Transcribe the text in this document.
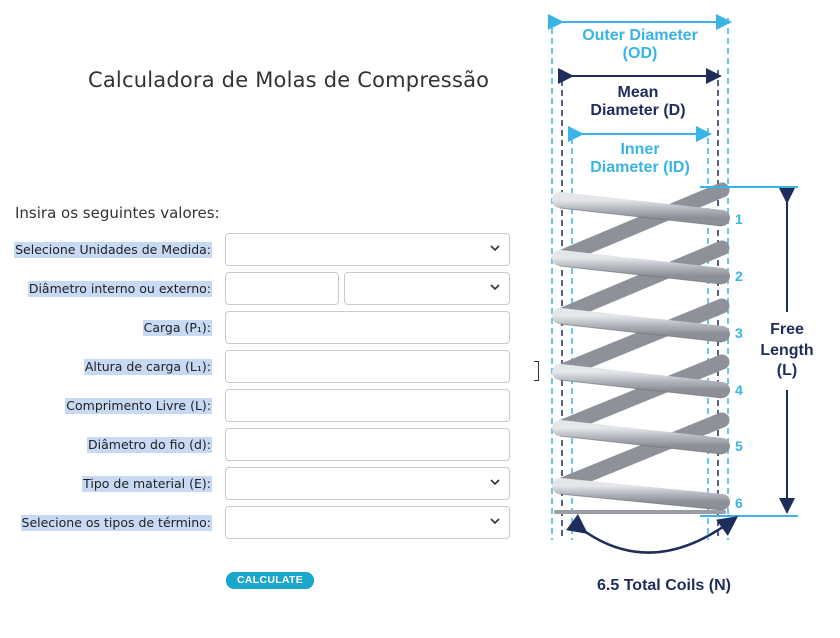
Calculadora de Molas de Compressão
Insira os seguintes valores:
Selecione Unidades de Medida:
Diâmetro interno ou externo:
Carga (P₁):
Altura de carga (L₁):
Comprimento Livre (L):
Diâmetro do fio (d):
Tipo de material (E):
Selecione os tipos de término:
CALCULATE
Outer Diameter
(OD)
Mean
Diameter (D)
Inner
Diameter (ID)
1
2
3
4
5
6
Free
Length
(L)
6.5 Total Coils (N)
